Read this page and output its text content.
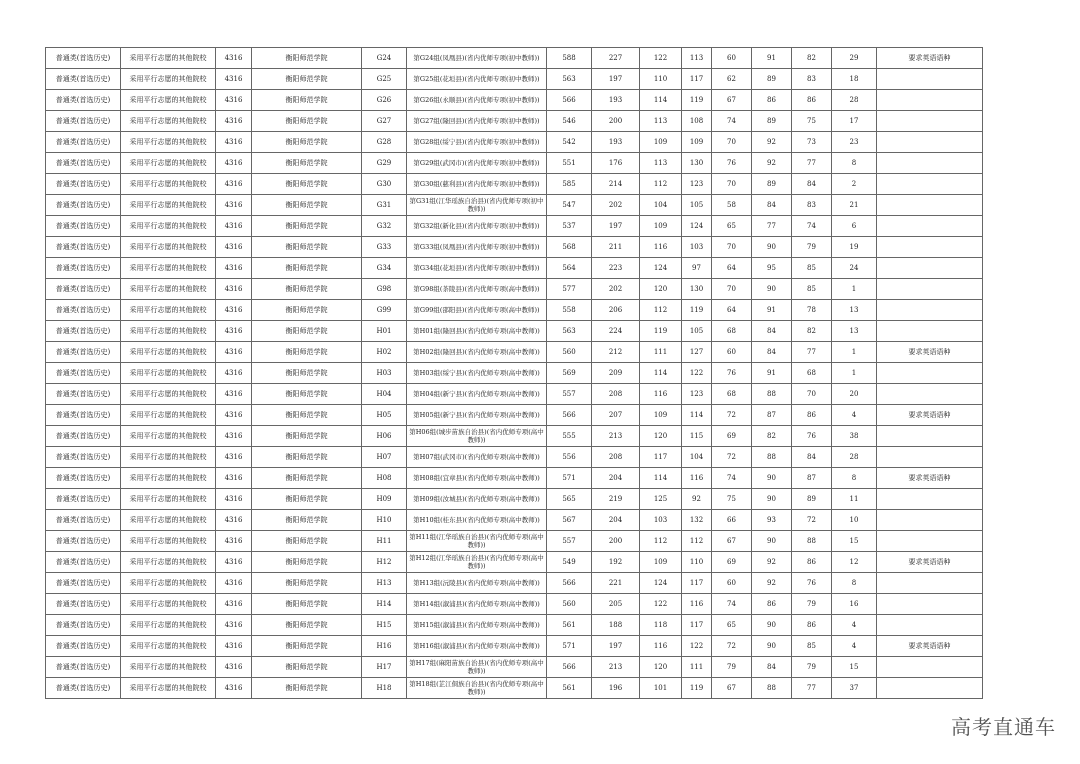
普通类(首选历史)	采用平行志愿的其他院校	4316	衡阳师范学院	G24	第G24组(凤凰县)(省内优师专项(初中教师))	588	227	122	113	60	91	82	29	要求英语语种
普通类(首选历史)	采用平行志愿的其他院校	4316	衡阳师范学院	G25	第G25组(花垣县)(省内优师专项(初中教师))	563	197	110	117	62	89	83	18	
普通类(首选历史)	采用平行志愿的其他院校	4316	衡阳师范学院	G26	第G26组(永顺县)(省内优师专项(初中教师))	566	193	114	119	67	86	86	28	
普通类(首选历史)	采用平行志愿的其他院校	4316	衡阳师范学院	G27	第G27组(隆回县)(省内优师专项(初中教师))	546	200	113	108	74	89	75	17	
普通类(首选历史)	采用平行志愿的其他院校	4316	衡阳师范学院	G28	第G28组(绥宁县)(省内优师专项(初中教师))	542	193	109	109	70	92	73	23	
普通类(首选历史)	采用平行志愿的其他院校	4316	衡阳师范学院	G29	第G29组(武冈市)(省内优师专项(初中教师))	551	176	113	130	76	92	77	8	
普通类(首选历史)	采用平行志愿的其他院校	4316	衡阳师范学院	G30	第G30组(慈利县)(省内优师专项(初中教师))	585	214	112	123	70	89	84	2	
普通类(首选历史)	采用平行志愿的其他院校	4316	衡阳师范学院	G31	第G31组(江华瑶族自治县)(省内优师专项(初中教师))	547	202	104	105	58	84	83	21	
普通类(首选历史)	采用平行志愿的其他院校	4316	衡阳师范学院	G32	第G32组(新化县)(省内优师专项(初中教师))	537	197	109	124	65	77	74	6	
普通类(首选历史)	采用平行志愿的其他院校	4316	衡阳师范学院	G33	第G33组(凤凰县)(省内优师专项(初中教师))	568	211	116	103	70	90	79	19	
普通类(首选历史)	采用平行志愿的其他院校	4316	衡阳师范学院	G34	第G34组(花垣县)(省内优师专项(初中教师))	564	223	124	97	64	95	85	24	
普通类(首选历史)	采用平行志愿的其他院校	4316	衡阳师范学院	G98	第G98组(茶陵县)(省内优师专项(高中教师))	577	202	120	130	70	90	85	1	
普通类(首选历史)	采用平行志愿的其他院校	4316	衡阳师范学院	G99	第G99组(邵阳县)(省内优师专项(高中教师))	558	206	112	119	64	91	78	13	
普通类(首选历史)	采用平行志愿的其他院校	4316	衡阳师范学院	H01	第H01组(隆回县)(省内优师专项(高中教师))	563	224	119	105	68	84	82	13	
普通类(首选历史)	采用平行志愿的其他院校	4316	衡阳师范学院	H02	第H02组(隆回县)(省内优师专项(高中教师))	560	212	111	127	60	84	77	1	要求英语语种
普通类(首选历史)	采用平行志愿的其他院校	4316	衡阳师范学院	H03	第H03组(绥宁县)(省内优师专项(高中教师))	569	209	114	122	76	91	68	1	
普通类(首选历史)	采用平行志愿的其他院校	4316	衡阳师范学院	H04	第H04组(新宁县)(省内优师专项(高中教师))	557	208	116	123	68	88	70	20	
普通类(首选历史)	采用平行志愿的其他院校	4316	衡阳师范学院	H05	第H05组(新宁县)(省内优师专项(高中教师))	566	207	109	114	72	87	86	4	要求英语语种
普通类(首选历史)	采用平行志愿的其他院校	4316	衡阳师范学院	H06	第H06组(城步苗族自治县)(省内优师专项(高中教师))	555	213	120	115	69	82	76	38	
普通类(首选历史)	采用平行志愿的其他院校	4316	衡阳师范学院	H07	第H07组(武冈市)(省内优师专项(高中教师))	556	208	117	104	72	88	84	28	
普通类(首选历史)	采用平行志愿的其他院校	4316	衡阳师范学院	H08	第H08组(宜章县)(省内优师专项(高中教师))	571	204	114	116	74	90	87	8	要求英语语种
普通类(首选历史)	采用平行志愿的其他院校	4316	衡阳师范学院	H09	第H09组(汝城县)(省内优师专项(高中教师))	565	219	125	92	75	90	89	11	
普通类(首选历史)	采用平行志愿的其他院校	4316	衡阳师范学院	H10	第H10组(桂东县)(省内优师专项(高中教师))	567	204	103	132	66	93	72	10	
普通类(首选历史)	采用平行志愿的其他院校	4316	衡阳师范学院	H11	第H11组(江华瑶族自治县)(省内优师专项(高中教师))	557	200	112	112	67	90	88	15	
普通类(首选历史)	采用平行志愿的其他院校	4316	衡阳师范学院	H12	第H12组(江华瑶族自治县)(省内优师专项(高中教师))	549	192	109	110	69	92	86	12	要求英语语种
普通类(首选历史)	采用平行志愿的其他院校	4316	衡阳师范学院	H13	第H13组(沅陵县)(省内优师专项(高中教师))	566	221	124	117	60	92	76	8	
普通类(首选历史)	采用平行志愿的其他院校	4316	衡阳师范学院	H14	第H14组(溆浦县)(省内优师专项(高中教师))	560	205	122	116	74	86	79	16	
普通类(首选历史)	采用平行志愿的其他院校	4316	衡阳师范学院	H15	第H15组(溆浦县)(省内优师专项(高中教师))	561	188	118	117	65	90	86	4	
普通类(首选历史)	采用平行志愿的其他院校	4316	衡阳师范学院	H16	第H16组(溆浦县)(省内优师专项(高中教师))	571	197	116	122	72	90	85	4	要求英语语种
普通类(首选历史)	采用平行志愿的其他院校	4316	衡阳师范学院	H17	第H17组(麻阳苗族自治县)(省内优师专项(高中教师))	566	213	120	111	79	84	79	15	
普通类(首选历史)	采用平行志愿的其他院校	4316	衡阳师范学院	H18	第H18组(芷江侗族自治县)(省内优师专项(高中教师))	561	196	101	119	67	88	77	37	
高考直通车
